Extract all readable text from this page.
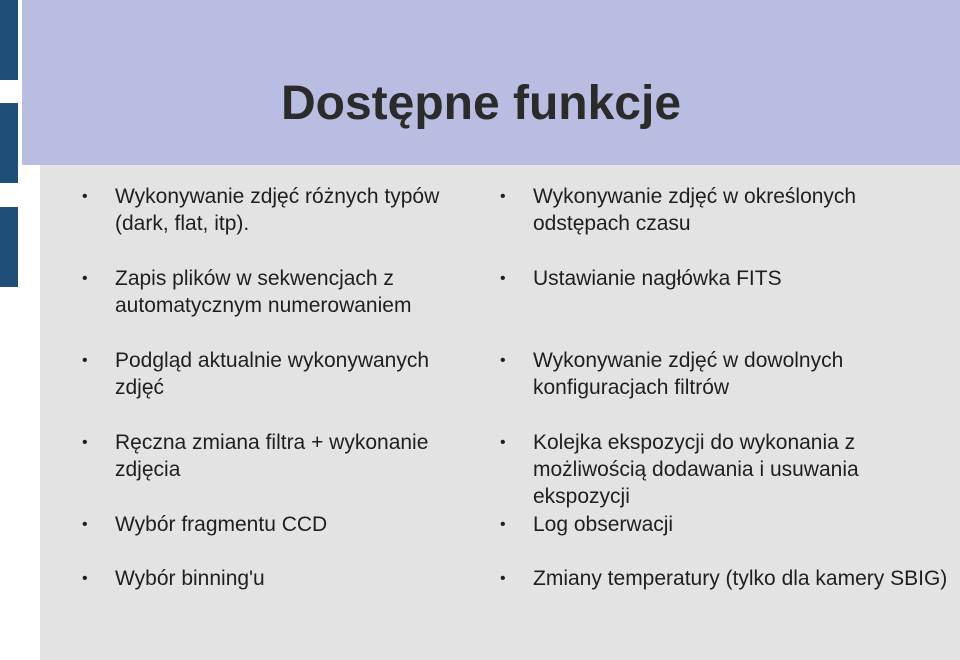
Dostępne funkcje
•	Wykonywanie zdjęć różnych typów (dark, flat, itp).
•	Zapis plików w sekwencjach z automatycznym numerowaniem
•	Podgląd aktualnie wykonywanych zdjęć
•	Ręczna zmiana filtra + wykonanie zdjęcia
•	Wybór fragmentu CCD
•	Wybór binning'u
•	Wykonywanie zdjęć w określonych odstępach czasu
•	Ustawianie nagłówka FITS
•	Wykonywanie zdjęć w dowolnych konfiguracjach filtrów
•	Kolejka ekspozycji do wykonania z możliwością dodawania i usuwania ekspozycji
•	Log obserwacji
•	Zmiany temperatury (tylko dla kamery SBIG)
